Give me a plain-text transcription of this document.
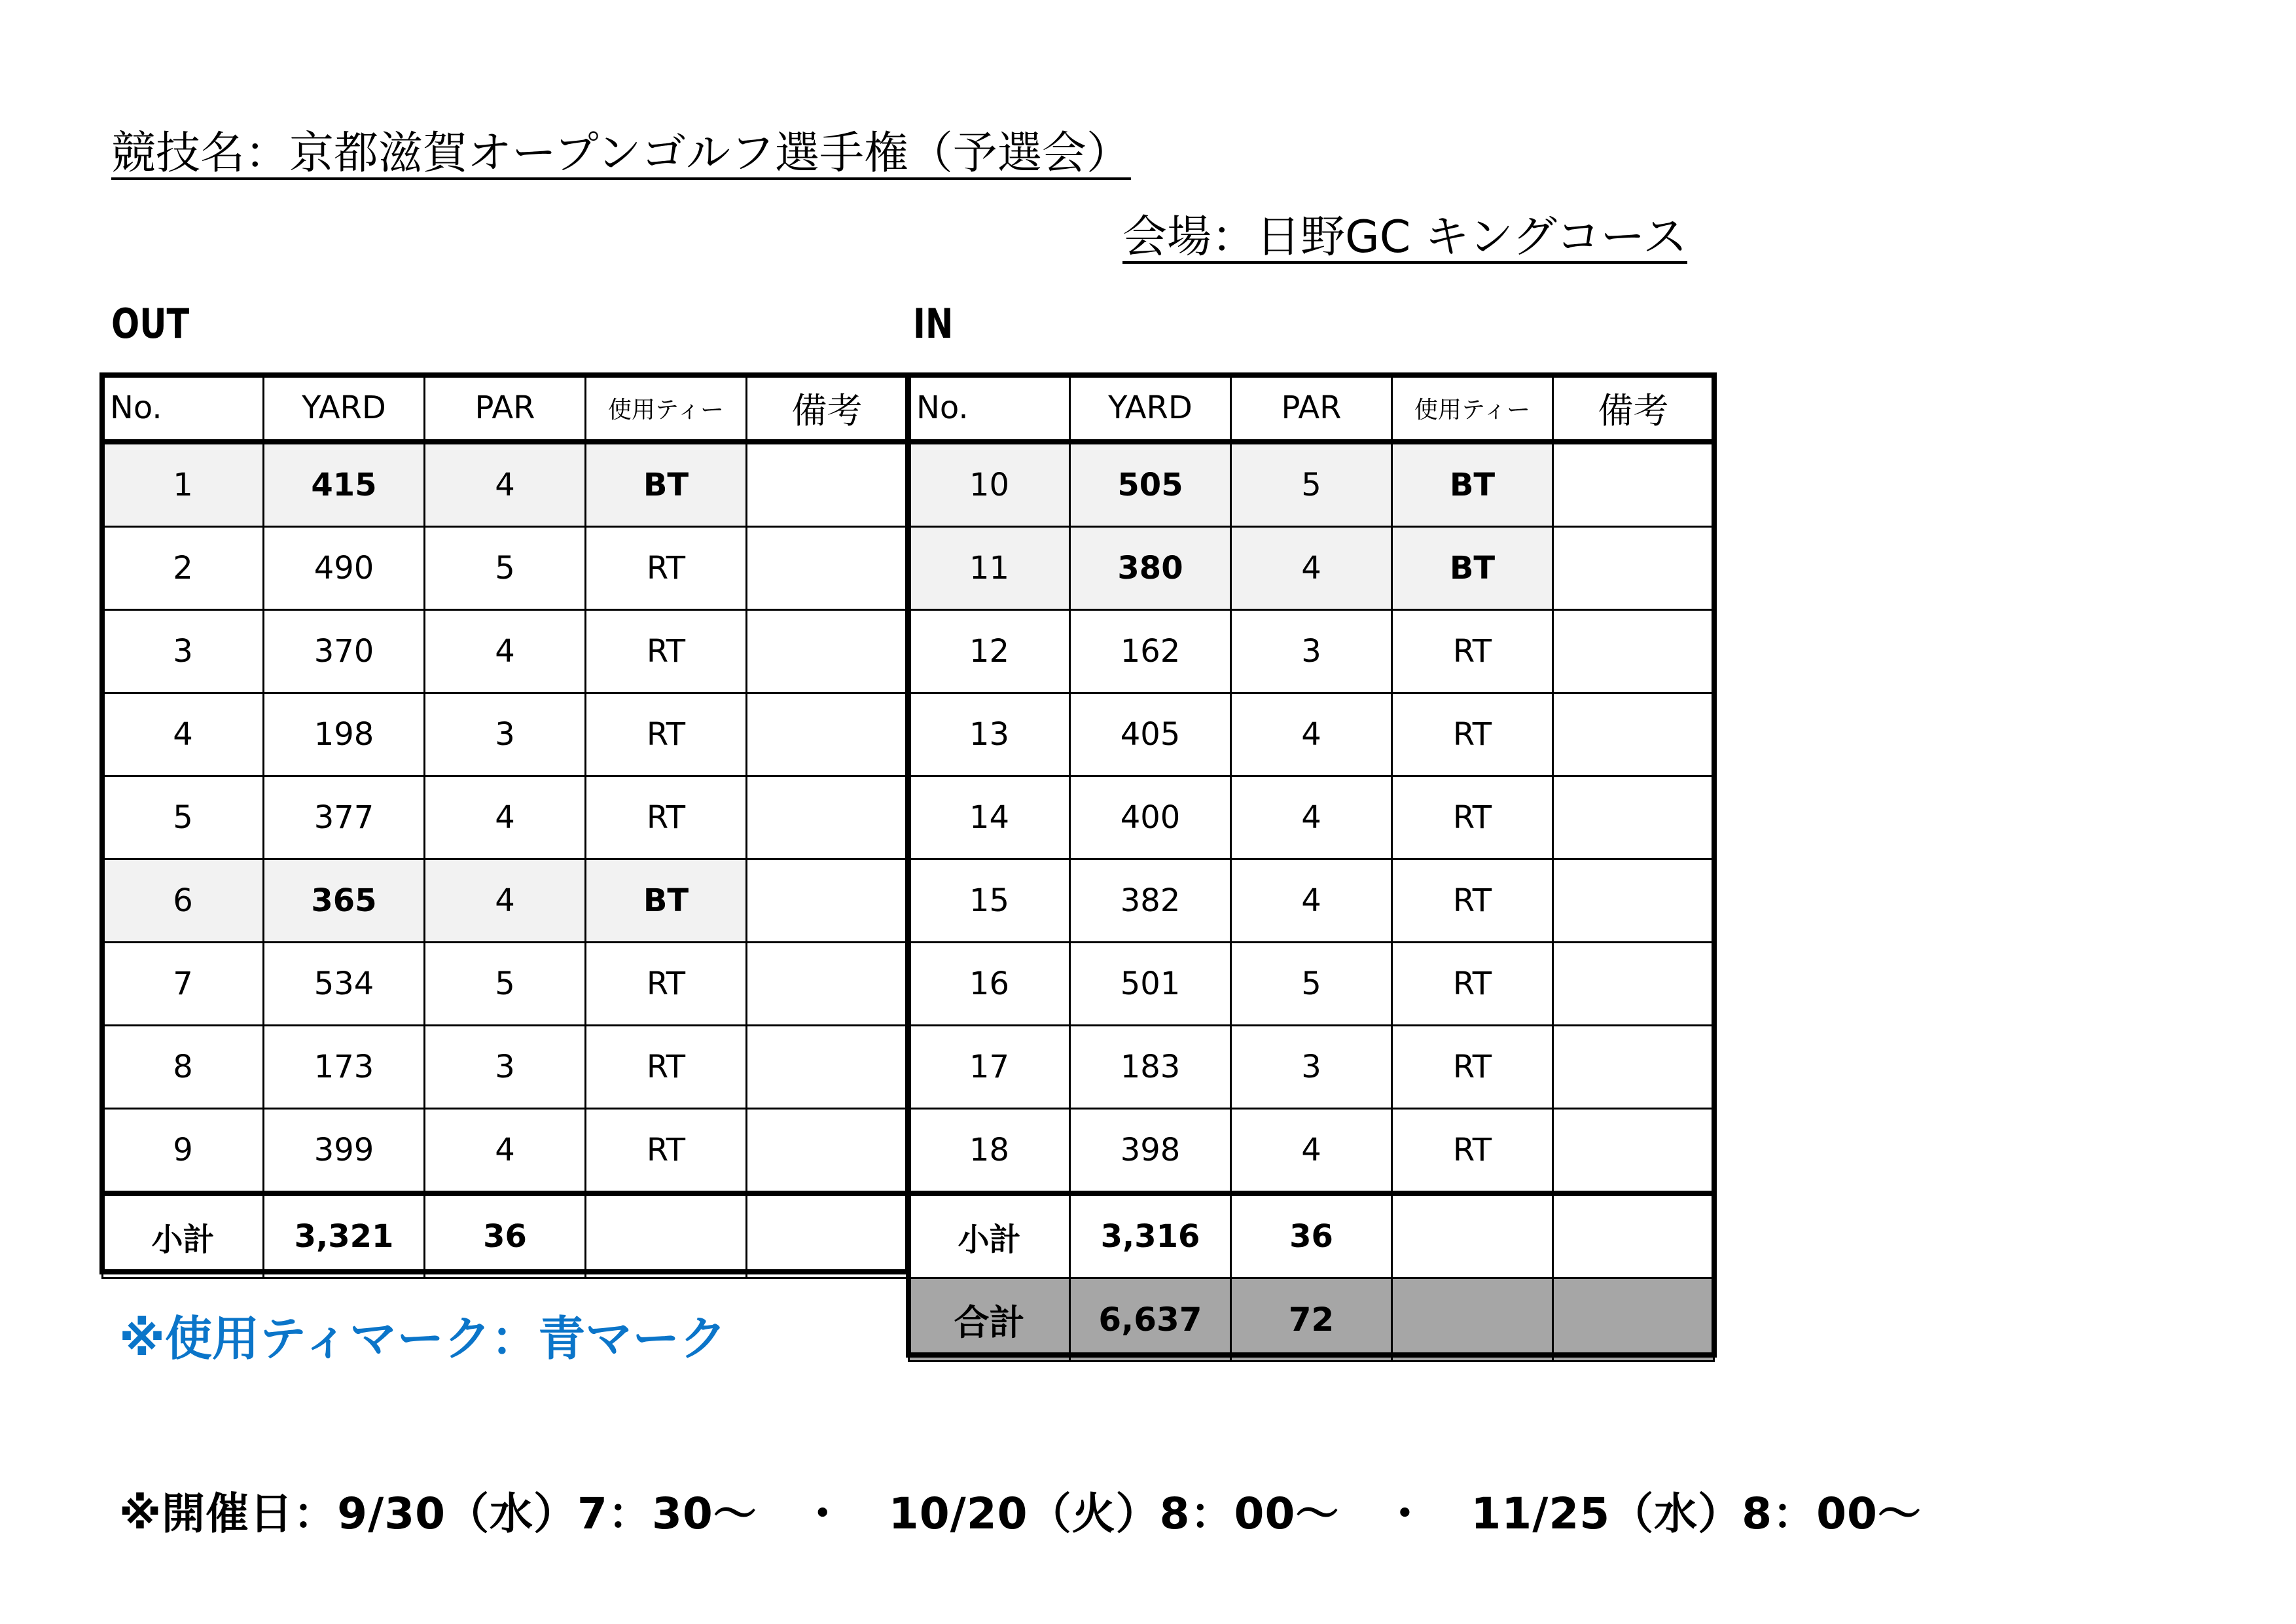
競技名：京都滋賀オープンゴルフ選手権（予選会）
会場：日野GC キングコース
OUT	IN
No.	YARD	PAR	使用ティー	備考
1	415	4	BT	
2	490	5	RT	
3	370	4	RT	
4	198	3	RT	
5	377	4	RT	
6	365	4	BT	
7	534	5	RT	
8	173	3	RT	
9	399	4	RT	
小計	3,321	36		
No.	YARD	PAR	使用ティー	備考
10	505	5	BT	
11	380	4	BT	
12	162	3	RT	
13	405	4	RT	
14	400	4	RT	
15	382	4	RT	
16	501	5	RT	
17	183	3	RT	
18	398	4	RT	
小計	3,316	36		
合計	6,637	72		
※使用ティマーク：青マーク
※開催日：9/30（水）7：30～　・　10/20（火）8：00～　・　11/25（水）8：00～
